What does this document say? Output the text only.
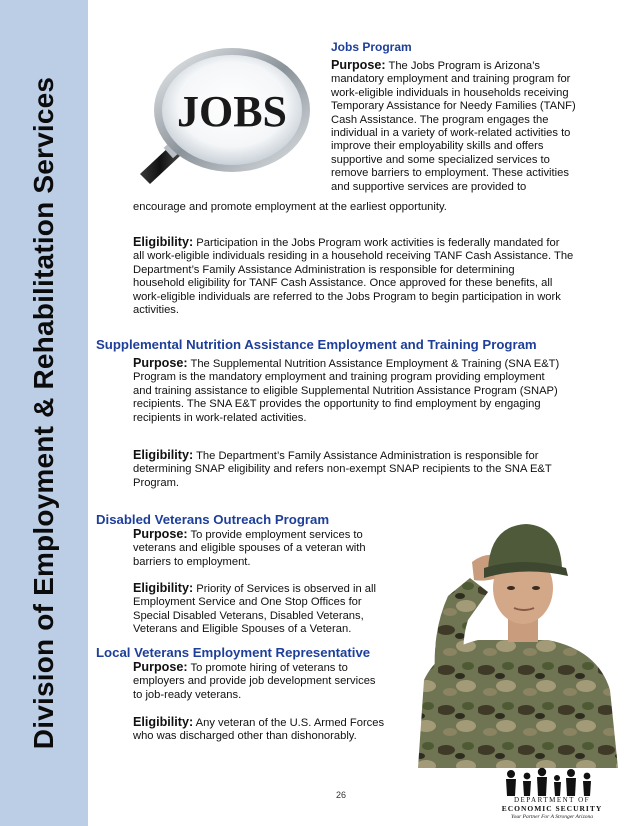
Division of Employment & Rehabilitation Services	JOBS
Jobs Program
Purpose: The Jobs Program is Arizona’s
mandatory employment and training program for
work-eligible individuals in households receiving
Temporary Assistance for Needy Families (TANF)
Cash Assistance. The program engages the
individual in a variety of work-related activities to
improve their employability skills and offers
supportive and some specialized services to
remove barriers to employment. These activities
and supportive services are provided to
encourage and promote employment at the earliest opportunity.
Eligibility: Participation in the Jobs Program work activities is federally mandated for
all work-eligible individuals residing in a household receiving TANF Cash Assistance. The
Department’s Family Assistance Administration is responsible for determining
household eligibility for TANF Cash Assistance. Once approved for these benefits, all
work-eligible individuals are referred to the Jobs Program to begin participation in work
activities.
Supplemental Nutrition Assistance Employment and Training Program
Purpose: The Supplemental Nutrition Assistance Employment & Training (SNA E&T)
Program is the mandatory employment and training program providing employment
and training assistance to eligible Supplemental Nutrition Assistance Program (SNAP)
recipients. The SNA E&T provides the opportunity to find employment by engaging
recipients in work-related activities.
Eligibility: The Department’s Family Assistance Administration is responsible for
determining SNAP eligibility and refers non-exempt SNAP recipients to the SNA E&T
Program.
Disabled Veterans Outreach Program
Purpose: To provide employment services to
veterans and eligible spouses of a veteran with
barriers to employment.
Eligibility: Priority of Services is observed in all
Employment Service and One Stop Offices for
Special Disabled Veterans, Disabled Veterans,
Veterans and Eligible Spouses of a Veteran.
Local Veterans Employment Representative
Purpose: To promote hiring of veterans to
employers and provide job development services
to job-ready veterans.
Eligibility: Any veteran of the U.S. Armed Forces
who was discharged other than dishonorably.
26	DEPARTMENT OF
ECONOMIC SECURITY
Your Partner For A Stronger Arizona
